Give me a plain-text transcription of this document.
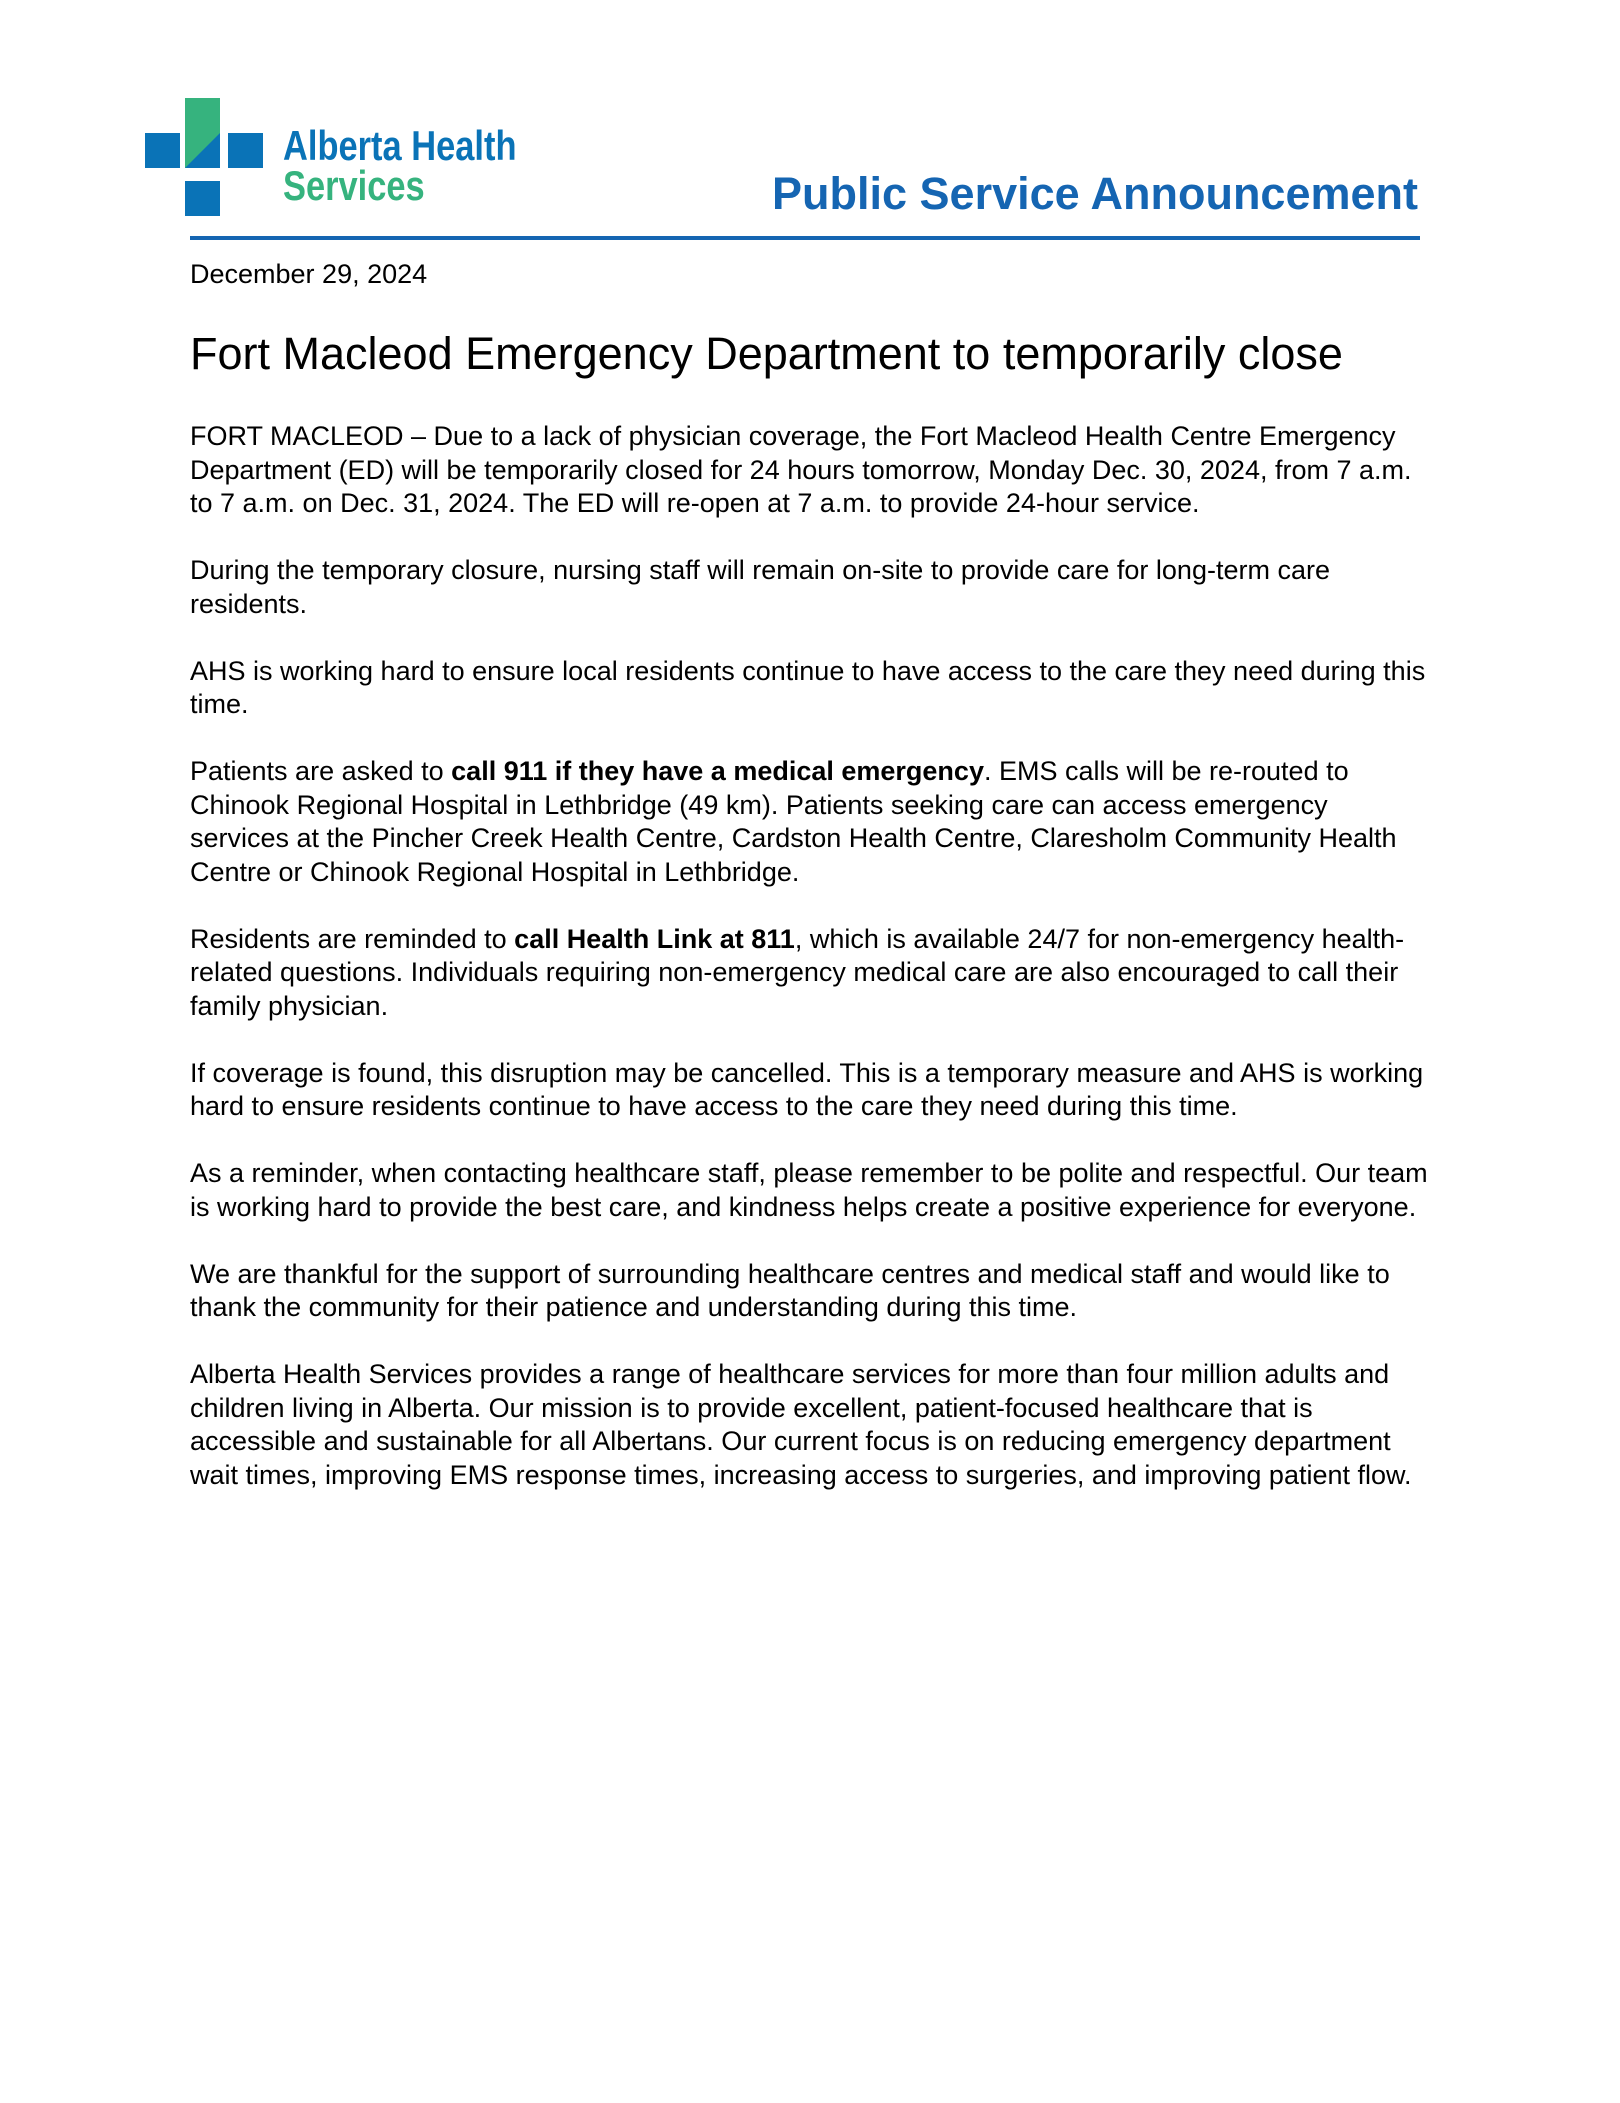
Alberta Health
Services	Public Service Announcement

December 29, 2024

Fort Macleod Emergency Department to temporarily close

FORT MACLEOD – Due to a lack of physician coverage, the Fort Macleod Health Centre Emergency Department (ED) will be temporarily closed for 24 hours tomorrow, Monday Dec. 30, 2024, from 7 a.m. to 7 a.m. on Dec. 31, 2024. The ED will re-open at 7 a.m. to provide 24-hour service.

During the temporary closure, nursing staff will remain on-site to provide care for long-term care residents.

AHS is working hard to ensure local residents continue to have access to the care they need during this time.

Patients are asked to call 911 if they have a medical emergency. EMS calls will be re-routed to Chinook Regional Hospital in Lethbridge (49 km). Patients seeking care can access emergency services at the Pincher Creek Health Centre, Cardston Health Centre, Claresholm Community Health Centre or Chinook Regional Hospital in Lethbridge.

Residents are reminded to call Health Link at 811, which is available 24/7 for non-emergency health-related questions. Individuals requiring non-emergency medical care are also encouraged to call their family physician.

If coverage is found, this disruption may be cancelled. This is a temporary measure and AHS is working hard to ensure residents continue to have access to the care they need during this time.

As a reminder, when contacting healthcare staff, please remember to be polite and respectful. Our team is working hard to provide the best care, and kindness helps create a positive experience for everyone.

We are thankful for the support of surrounding healthcare centres and medical staff and would like to thank the community for their patience and understanding during this time.

Alberta Health Services provides a range of healthcare services for more than four million adults and children living in Alberta. Our mission is to provide excellent, patient-focused healthcare that is accessible and sustainable for all Albertans. Our current focus is on reducing emergency department wait times, improving EMS response times, increasing access to surgeries, and improving patient flow.
